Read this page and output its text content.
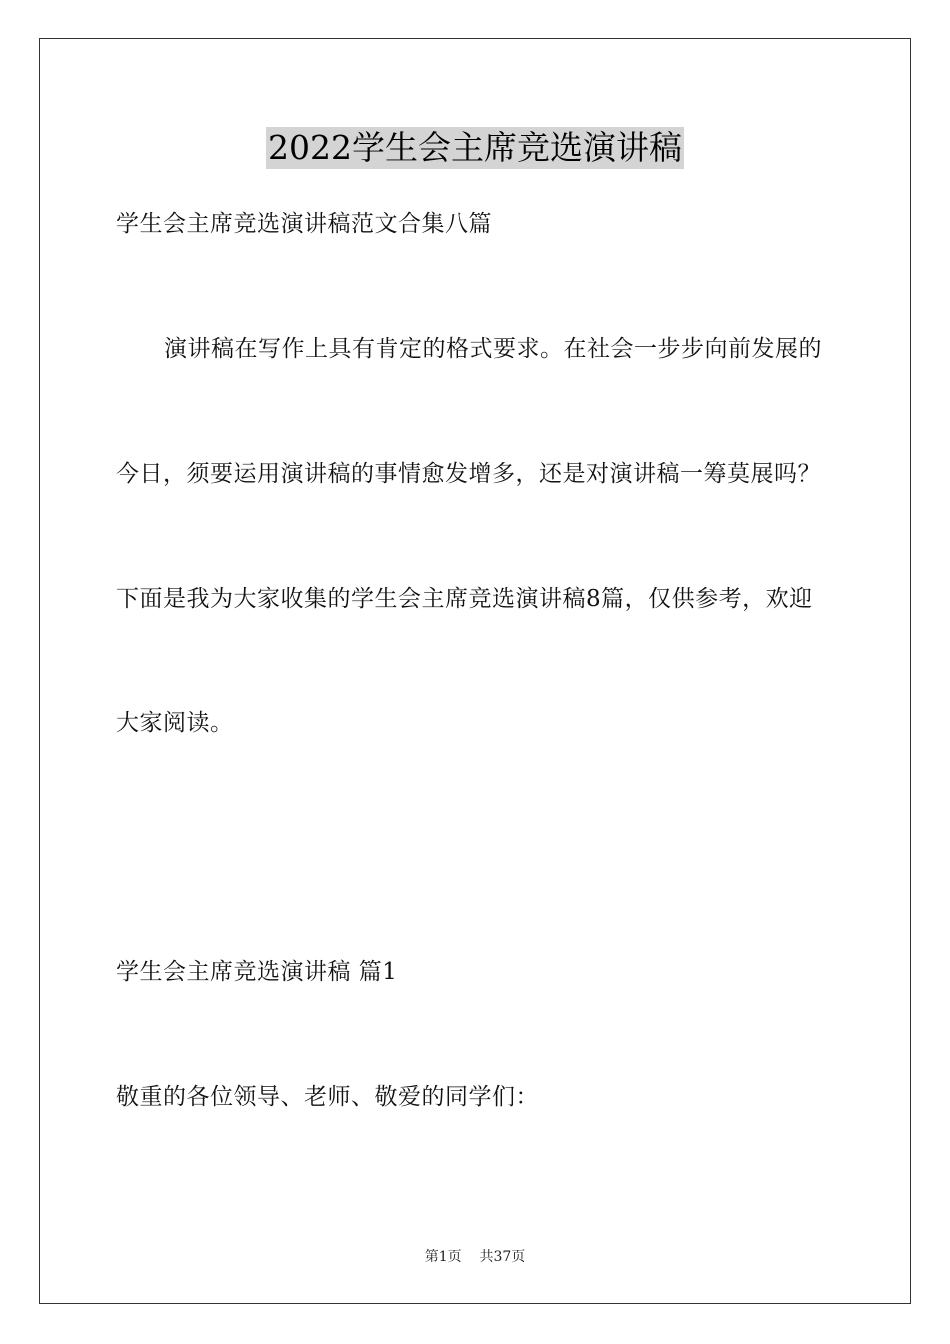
2022学生会主席竞选演讲稿
学生会主席竞选演讲稿范文合集八篇
演讲稿在写作上具有肯定的格式要求。在社会一步步向前发展的
今日，须要运用演讲稿的事情愈发增多，还是对演讲稿一筹莫展吗？
下面是我为大家收集的学生会主席竞选演讲稿8篇，仅供参考，欢迎
大家阅读。
学生会主席竞选演讲稿 篇1
敬重的各位领导、老师、敬爱的同学们：
第1页 共37页
